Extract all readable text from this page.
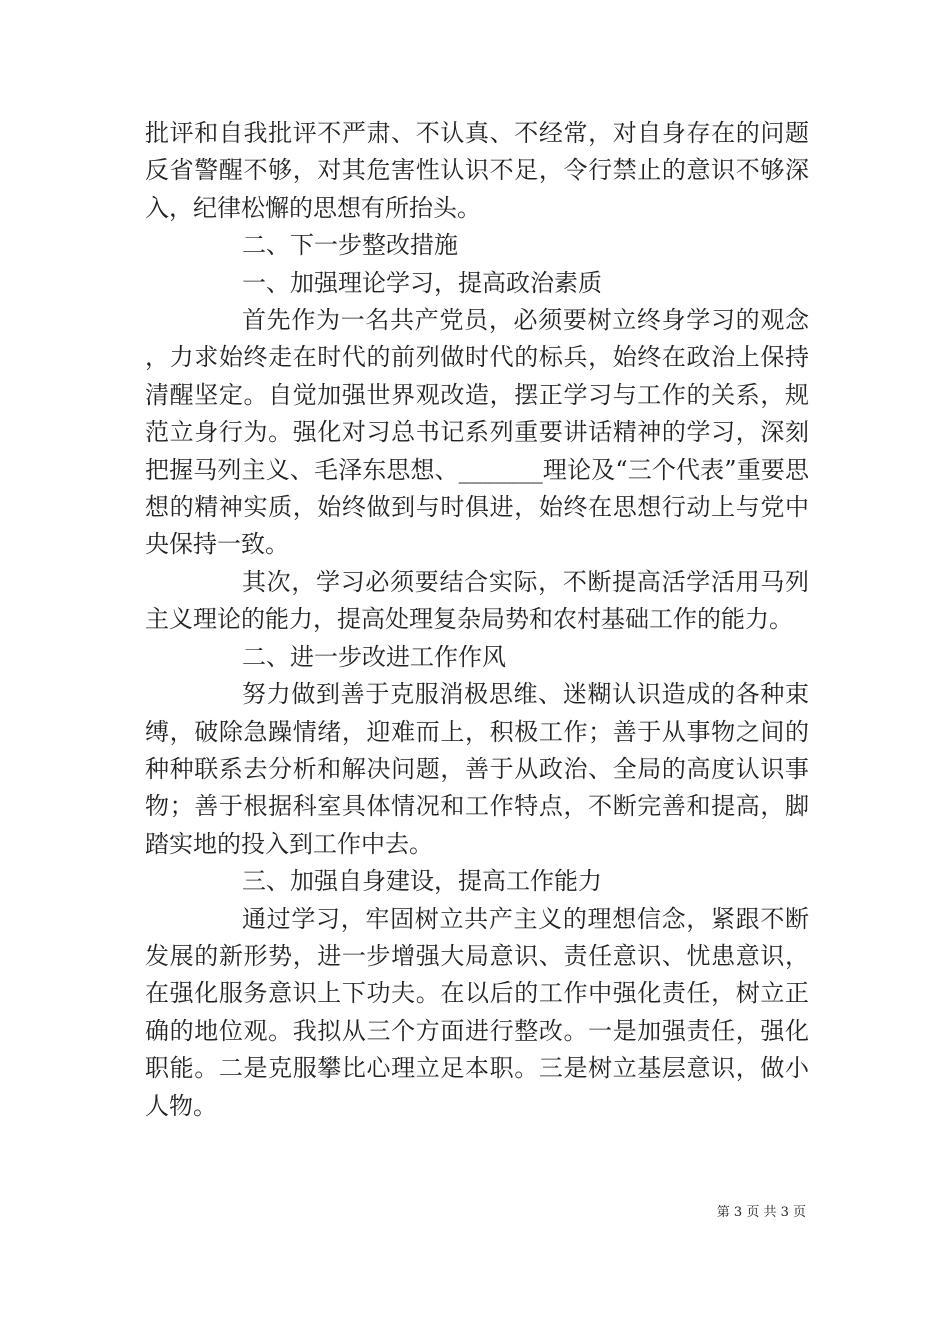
批评和自我批评不严肃、不认真、不经常，对自身存在的问题反省警醒不够，对其危害性认识不足，令行禁止的意识不够深入，纪律松懈的思想有所抬头。

二、下一步整改措施

一、加强理论学习，提高政治素质

首先作为一名共产党员，必须要树立终身学习的观念，力求始终走在时代的前列做时代的标兵，始终在政治上保持清醒坚定。自觉加强世界观改造，摆正学习与工作的关系，规范立身行为。强化对习总书记系列重要讲话精神的学习，深刻把握马列主义、毛泽东思想、_______理论及“三个代表”重要思想的精神实质，始终做到与时俱进，始终在思想行动上与党中央保持一致。

其次，学习必须要结合实际，不断提高活学活用马列主义理论的能力，提高处理复杂局势和农村基础工作的能力。

二、进一步改进工作作风

努力做到善于克服消极思维、迷糊认识造成的各种束缚，破除急躁情绪，迎难而上，积极工作；善于从事物之间的种种联系去分析和解决问题，善于从政治、全局的高度认识事物；善于根据科室具体情况和工作特点，不断完善和提高，脚踏实地的投入到工作中去。

三、加强自身建设，提高工作能力

通过学习，牢固树立共产主义的理想信念，紧跟不断发展的新形势，进一步增强大局意识、责任意识、忧患意识，在强化服务意识上下功夫。在以后的工作中强化责任，树立正确的地位观。我拟从三个方面进行整改。一是加强责任，强化职能。二是克服攀比心理立足本职。三是树立基层意识，做小人物。

第 3 页 共 3 页
